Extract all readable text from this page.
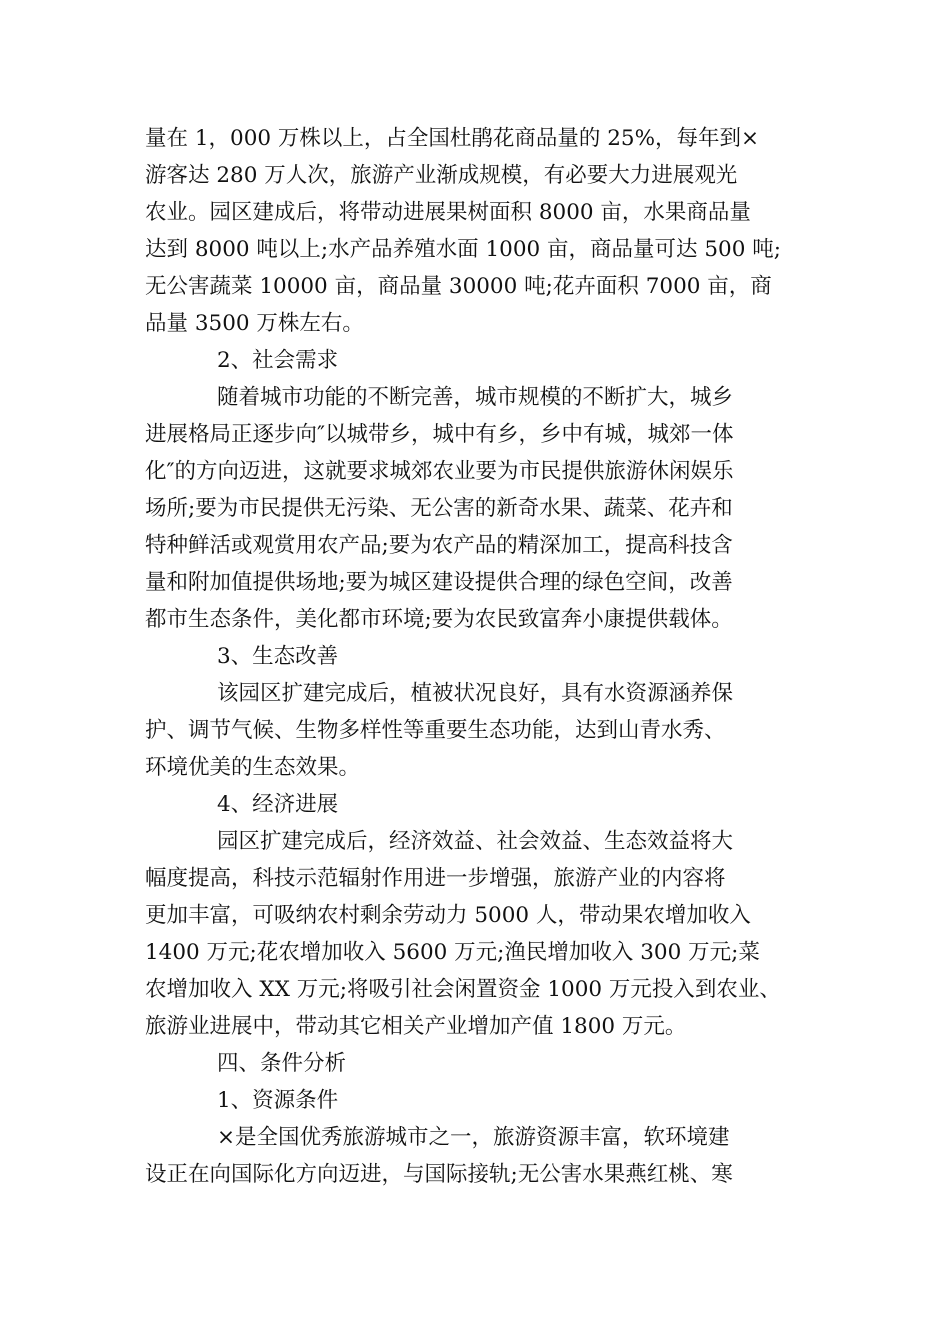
量在 1，000 万株以上，占全国杜鹃花商品量的 25%，每年到×
游客达 280 万人次，旅游产业渐成规模，有必要大力进展观光
农业。园区建成后，将带动进展果树面积 8000 亩，水果商品量
达到 8000 吨以上;水产品养殖水面 1000 亩，商品量可达 500 吨;
无公害蔬菜 10000 亩，商品量 30000 吨;花卉面积 7000 亩，商
品量 3500 万株左右。
2、社会需求
随着城市功能的不断完善，城市规模的不断扩大，城乡
进展格局正逐步向″以城带乡，城中有乡，乡中有城，城郊一体
化″的方向迈进，这就要求城郊农业要为市民提供旅游休闲娱乐
场所;要为市民提供无污染、无公害的新奇水果、蔬菜、花卉和
特种鲜活或观赏用农产品;要为农产品的精深加工，提高科技含
量和附加值提供场地;要为城区建设提供合理的绿色空间，改善
都市生态条件，美化都市环境;要为农民致富奔小康提供载体。
3、生态改善
该园区扩建完成后，植被状况良好，具有水资源涵养保
护、调节气候、生物多样性等重要生态功能，达到山青水秀、
环境优美的生态效果。
4、经济进展
园区扩建完成后，经济效益、社会效益、生态效益将大
幅度提高，科技示范辐射作用进一步增强，旅游产业的内容将
更加丰富，可吸纳农村剩余劳动力 5000 人，带动果农增加收入
1400 万元;花农增加收入 5600 万元;渔民增加收入 300 万元;菜
农增加收入 XX 万元;将吸引社会闲置资金 1000 万元投入到农业、
旅游业进展中，带动其它相关产业增加产值 1800 万元。
四、条件分析
1、资源条件
×是全国优秀旅游城市之一，旅游资源丰富，软环境建
设正在向国际化方向迈进，与国际接轨;无公害水果燕红桃、寒
